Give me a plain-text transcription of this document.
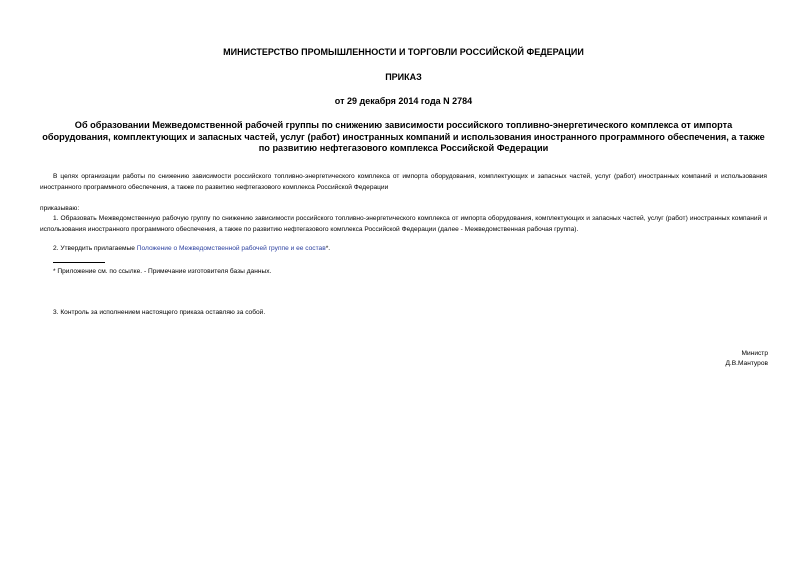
МИНИСТЕРСТВО ПРОМЫШЛЕННОСТИ И ТОРГОВЛИ РОССИЙСКОЙ ФЕДЕРАЦИИ
ПРИКАЗ
от 29 декабря 2014 года N 2784
Об образовании Межведомственной рабочей группы по снижению зависимости российского топливно-энергетического комплекса от импорта оборудования, комплектующих и запасных частей, услуг (работ) иностранных компаний и использования иностранного программного обеспечения, а также по развитию нефтегазового комплекса Российской Федерации
В целях организации работы по снижению зависимости российского топливно-энергетического комплекса от импорта оборудования, комплектующих и запасных частей, услуг (работ) иностранных компаний и использования иностранного программного обеспечения, а также по развитию нефтегазового комплекса Российской Федерации
приказываю:
1. Образовать Межведомственную рабочую группу по снижению зависимости российского топливно-энергетического комплекса от импорта оборудования, комплектующих и запасных частей, услуг (работ) иностранных компаний и использования иностранного программного обеспечения, а также по развитию нефтегазового комплекса Российской Федерации (далее - Межведомственная рабочая группа).
2. Утвердить прилагаемые Положение о Межведомственной рабочей группе и ее состав*.
* Приложение см. по ссылке. - Примечание изготовителя базы данных.
3. Контроль за исполнением настоящего приказа оставляю за собой.
Министр
Д.В.Мантуров
